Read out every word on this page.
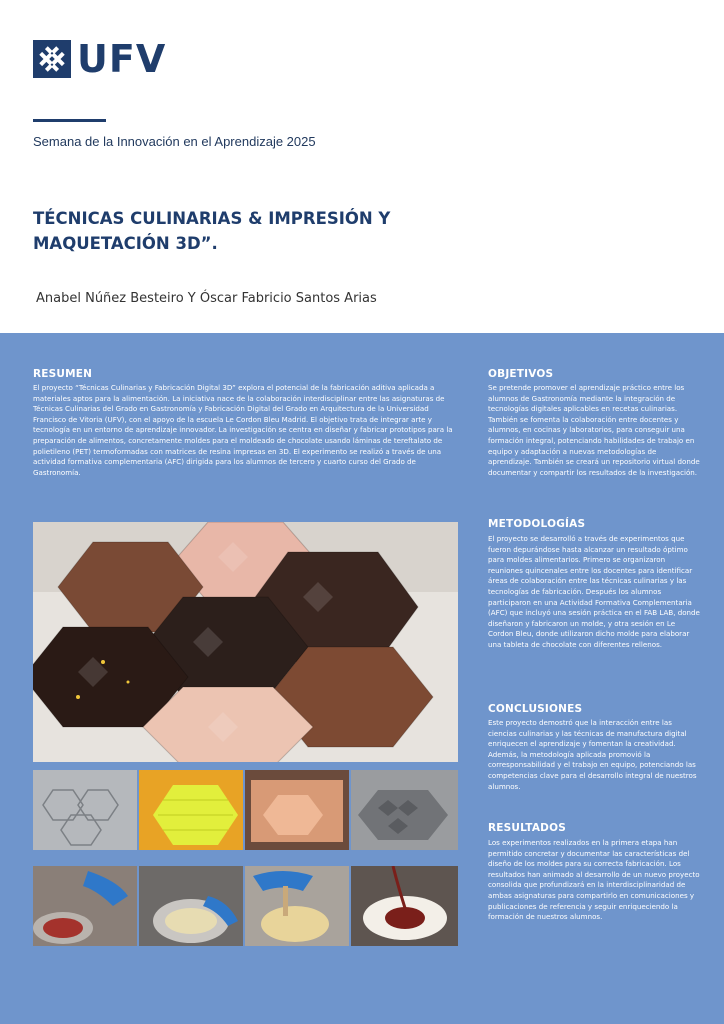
UFV
Semana de la Innovación en el Aprendizaje 2025
TÉCNICAS CULINARIAS & IMPRESIÓN Y MAQUETACIÓN 3D”.
Anabel Núñez Besteiro Y Óscar Fabricio Santos Arias
RESUMEN

El proyecto “Técnicas Culinarias y Fabricación Digital 3D” explora el potencial de la fabricación aditiva aplicada a materiales aptos para la alimentación. La iniciativa nace de la colaboración interdisciplinar entre las asignaturas de Técnicas Culinarias del Grado en Gastronomía y Fabricación Digital del Grado en Arquitectura de la Universidad Francisco de Vitoria (UFV), con el apoyo de la escuela Le Cordon Bleu Madrid. El objetivo trata de integrar arte y tecnología en un entorno de aprendizaje innovador. La investigación se centra en diseñar y fabricar prototipos para la preparación de alimentos, concretamente moldes para el moldeado de chocolate usando láminas de tereftalato de polietileno (PET) termoformadas con matrices de resina impresas en 3D. El experimento se realizó a través de una actividad formativa complementaria (AFC) dirigida para los alumnos de tercero y cuarto curso del Grado de Gastronomía.

OBJETIVOS

Se pretende promover el aprendizaje práctico entre los alumnos de Gastronomía mediante la integración de tecnologías digitales aplicables en recetas culinarias. También se fomenta la colaboración entre docentes y alumnos, en cocinas y laboratorios, para conseguir una formación integral, potenciando habilidades de trabajo en equipo y adaptación a nuevas metodologías de aprendizaje. También se creará un repositorio virtual donde documentar y compartir los resultados de la investigación.

METODOLOGÍAS

El proyecto se desarrolló a través de experimentos que fueron depurándose hasta alcanzar un resultado óptimo para moldes alimentarios. Primero se organizaron reuniones quincenales entre los docentes para identificar áreas de colaboración entre las técnicas culinarias y las tecnologías de fabricación. Después los alumnos participaron en una Actividad Formativa Complementaria (AFC) que incluyó una sesión práctica en el FAB LAB, donde diseñaron y fabricaron un molde, y otra sesión en Le Cordon Bleu, donde utilizaron dicho molde para elaborar una tableta de chocolate con diferentes rellenos.

CONCLUSIONES

Este proyecto demostró que la interacción entre las ciencias culinarias y las técnicas de manufactura digital enriquecen el aprendizaje y fomentan la creatividad. Además, la metodología aplicada promovió la corresponsabilidad y el trabajo en equipo, potenciando las competencias clave para el desarrollo integral de nuestros alumnos.

RESULTADOS

Los experimentos realizados en la primera etapa han permitido concretar y documentar las características del diseño de los moldes para su correcta fabricación. Los resultados han animado al desarrollo de un nuevo proyecto consolida que profundizará en la interdisciplinaridad de ambas asignaturas para compartirlo en comunicaciones y publicaciones de referencia y seguir enriqueciendo la formación de nuestros alumnos.
